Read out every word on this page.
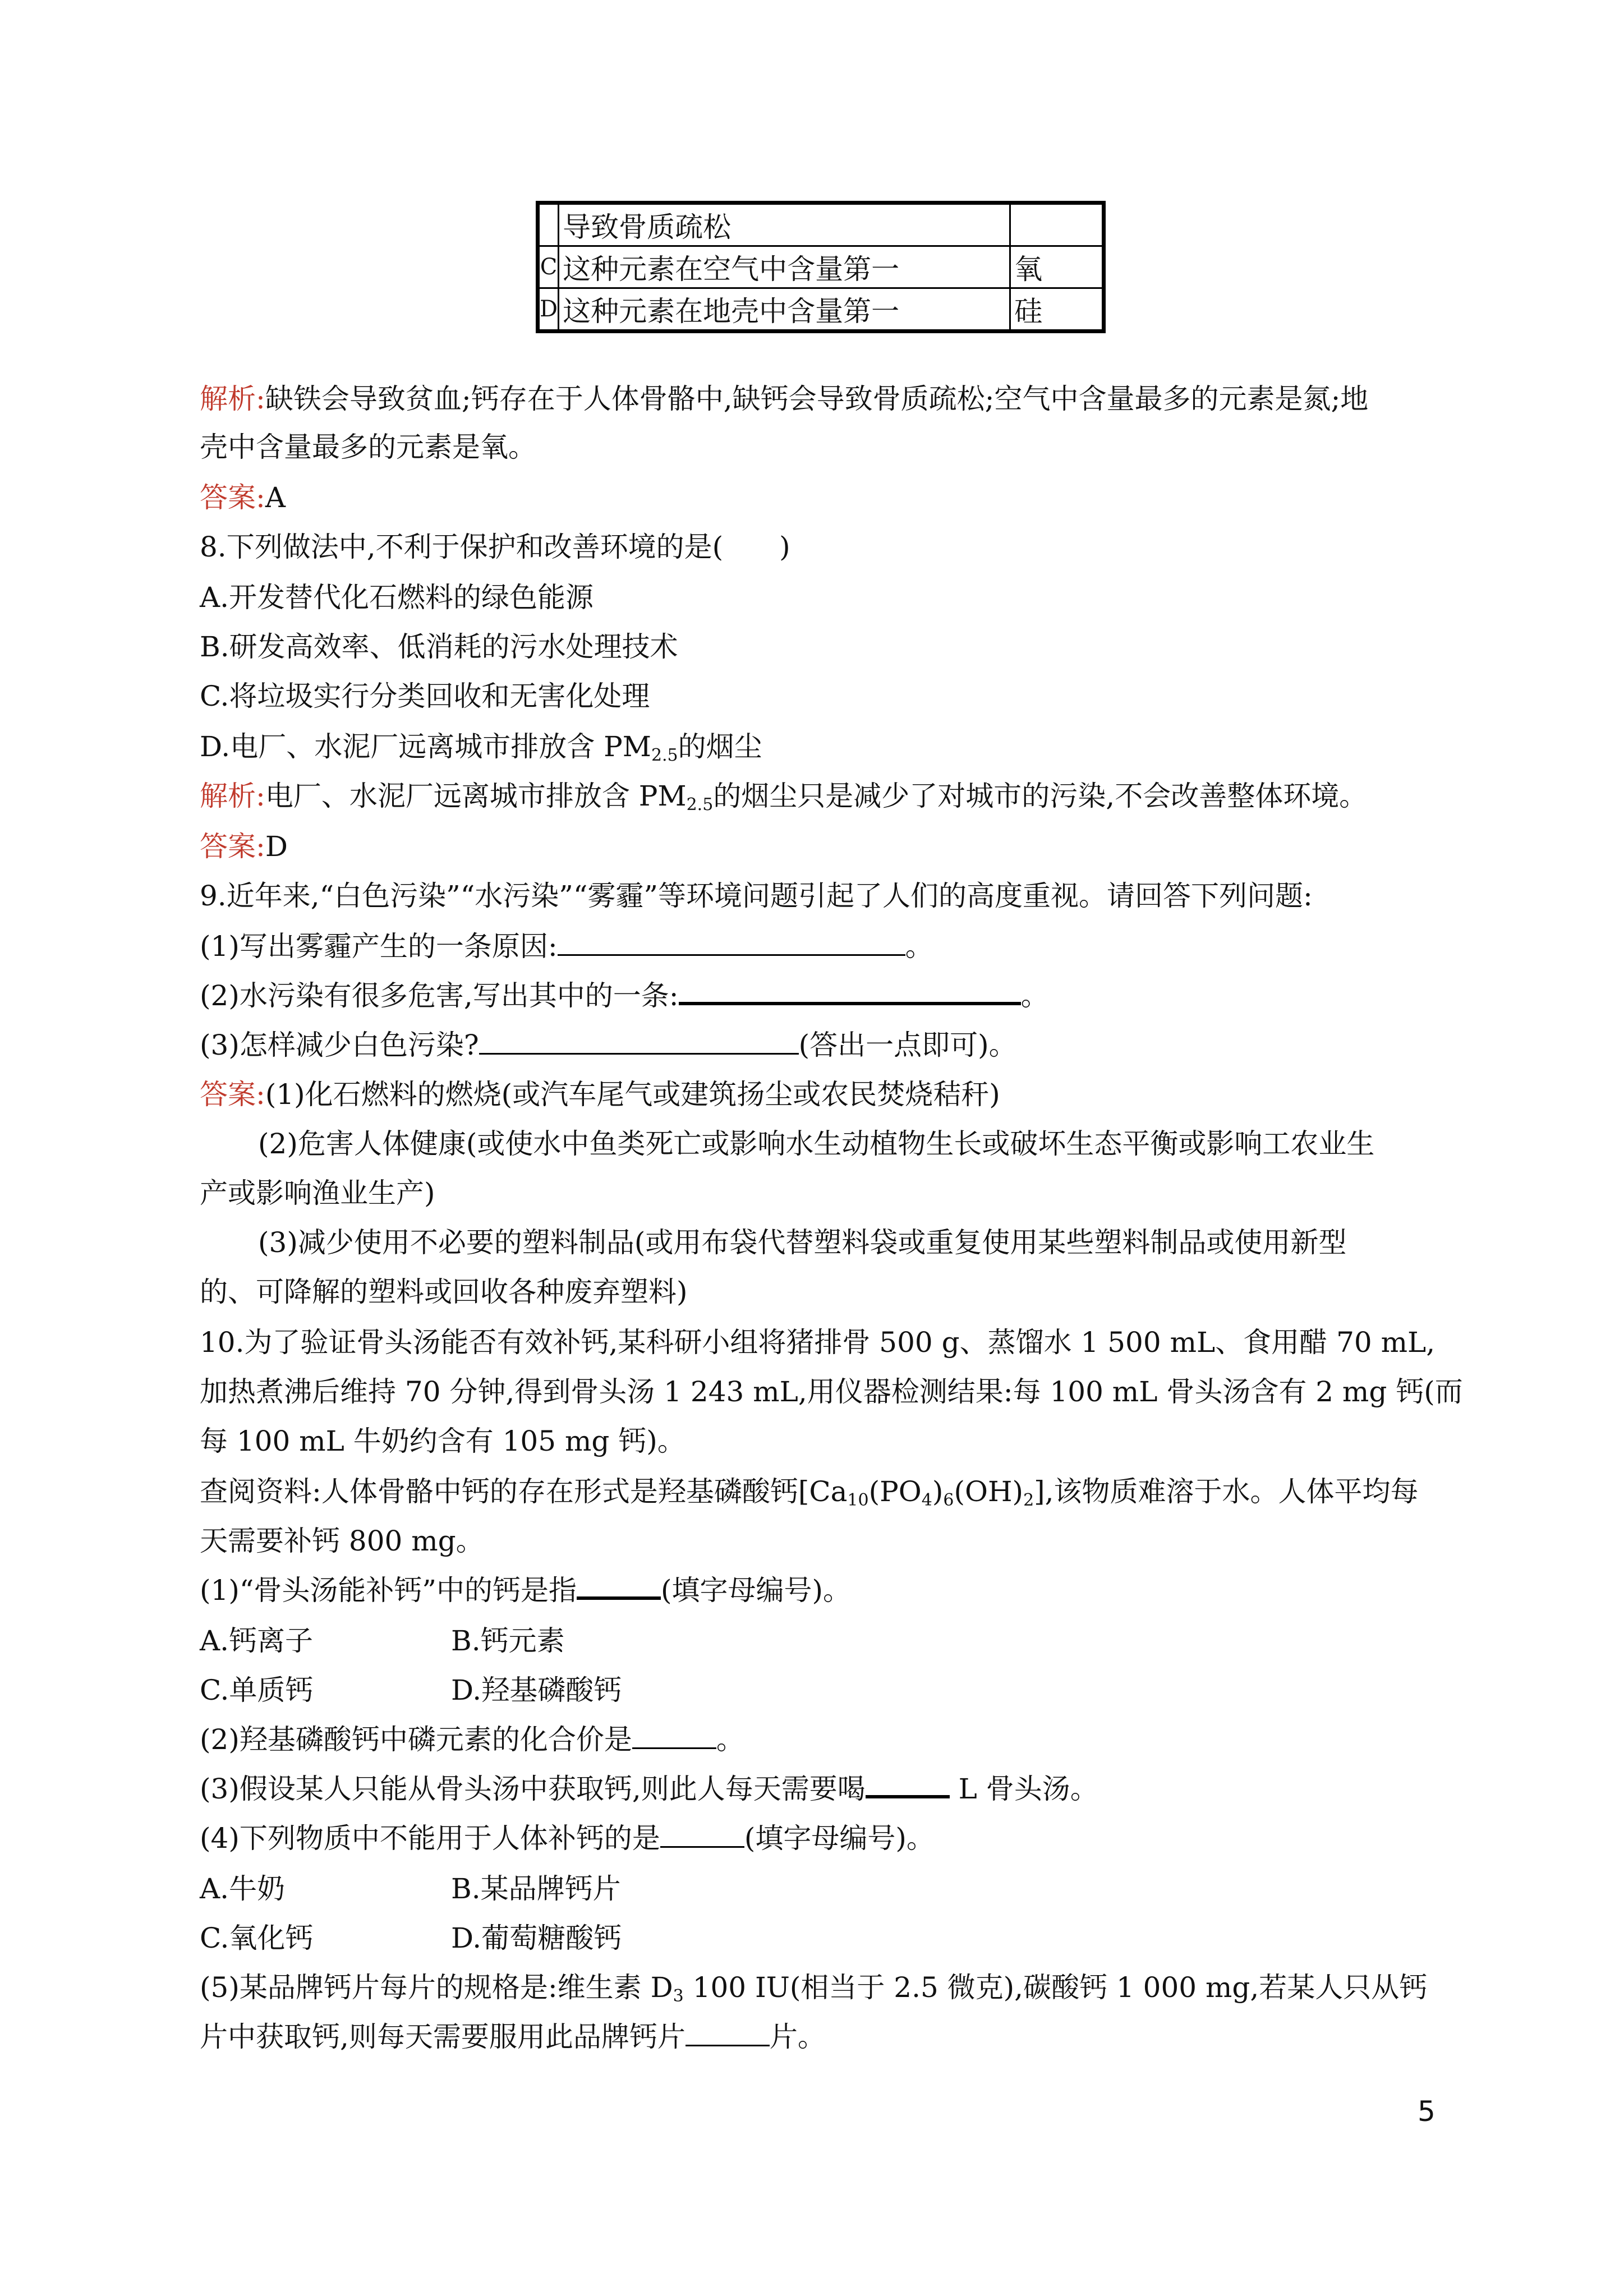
	导致骨质疏松	
C	这种元素在空气中含量第一	氧
D	这种元素在地壳中含量第一	硅
解析:缺铁会导致贫血;钙存在于人体骨骼中,缺钙会导致骨质疏松;空气中含量最多的元素是氮;地
壳中含量最多的元素是氧。
答案:A
8.下列做法中,不利于保护和改善环境的是(　　)
A.开发替代化石燃料的绿色能源
B.研发高效率、低消耗的污水处理技术
C.将垃圾实行分类回收和无害化处理
D.电厂、水泥厂远离城市排放含 $PM_{2.5}$的烟尘
解析:电厂、水泥厂远离城市排放含 $PM_{2.5}$的烟尘只是减少了对城市的污染,不会改善整体环境。
答案:D
9.近年来,“白色污染”“水污染”“雾霾”等环境问题引起了人们的高度重视。请回答下列问题:
(1)写出雾霾产生的一条原因:	。
(2)水污染有很多危害,写出其中的一条:	。
(3)怎样减少白色污染?	(答出一点即可)。
答案:(1)化石燃料的燃烧(或汽车尾气或建筑扬尘或农民焚烧秸秆)
(2)危害人体健康(或使水中鱼类死亡或影响水生动植物生长或破坏生态平衡或影响工农业生
产或影响渔业生产)
(3)减少使用不必要的塑料制品(或用布袋代替塑料袋或重复使用某些塑料制品或使用新型
的、可降解的塑料或回收各种废弃塑料)
10.为了验证骨头汤能否有效补钙,某科研小组将猪排骨 500 g、蒸馏水 1 500 mL、食用醋 70 mL,
加热煮沸后维持 70 分钟,得到骨头汤 1 243 mL,用仪器检测结果:每 100 mL 骨头汤含有 2 mg 钙(而
每 100 mL 牛奶约含有 105 mg 钙)。
查阅资料:人体骨骼中钙的存在形式是羟基磷酸钙$[Ca_{10}(PO_4)_6(OH)_2]$,该物质难溶于水。人体平均每
天需要补钙 800 mg。
(1)“骨头汤能补钙”中的钙是指	(填字母编号)。
A.钙离子	B.钙元素
C.单质钙	D.羟基磷酸钙
(2)羟基磷酸钙中磷元素的化合价是	。
(3)假设某人只能从骨头汤中获取钙,则此人每天需要喝	L 骨头汤。
(4)下列物质中不能用于人体补钙的是	(填字母编号)。
A.牛奶	B.某品牌钙片
C.氧化钙	D.葡萄糖酸钙
(5)某品牌钙片每片的规格是:维生素 $D_3$ 100 IU(相当于 2.5 微克),碳酸钙 1 000 mg,若某人只从钙
片中获取钙,则每天需要服用此品牌钙片	片。
5
